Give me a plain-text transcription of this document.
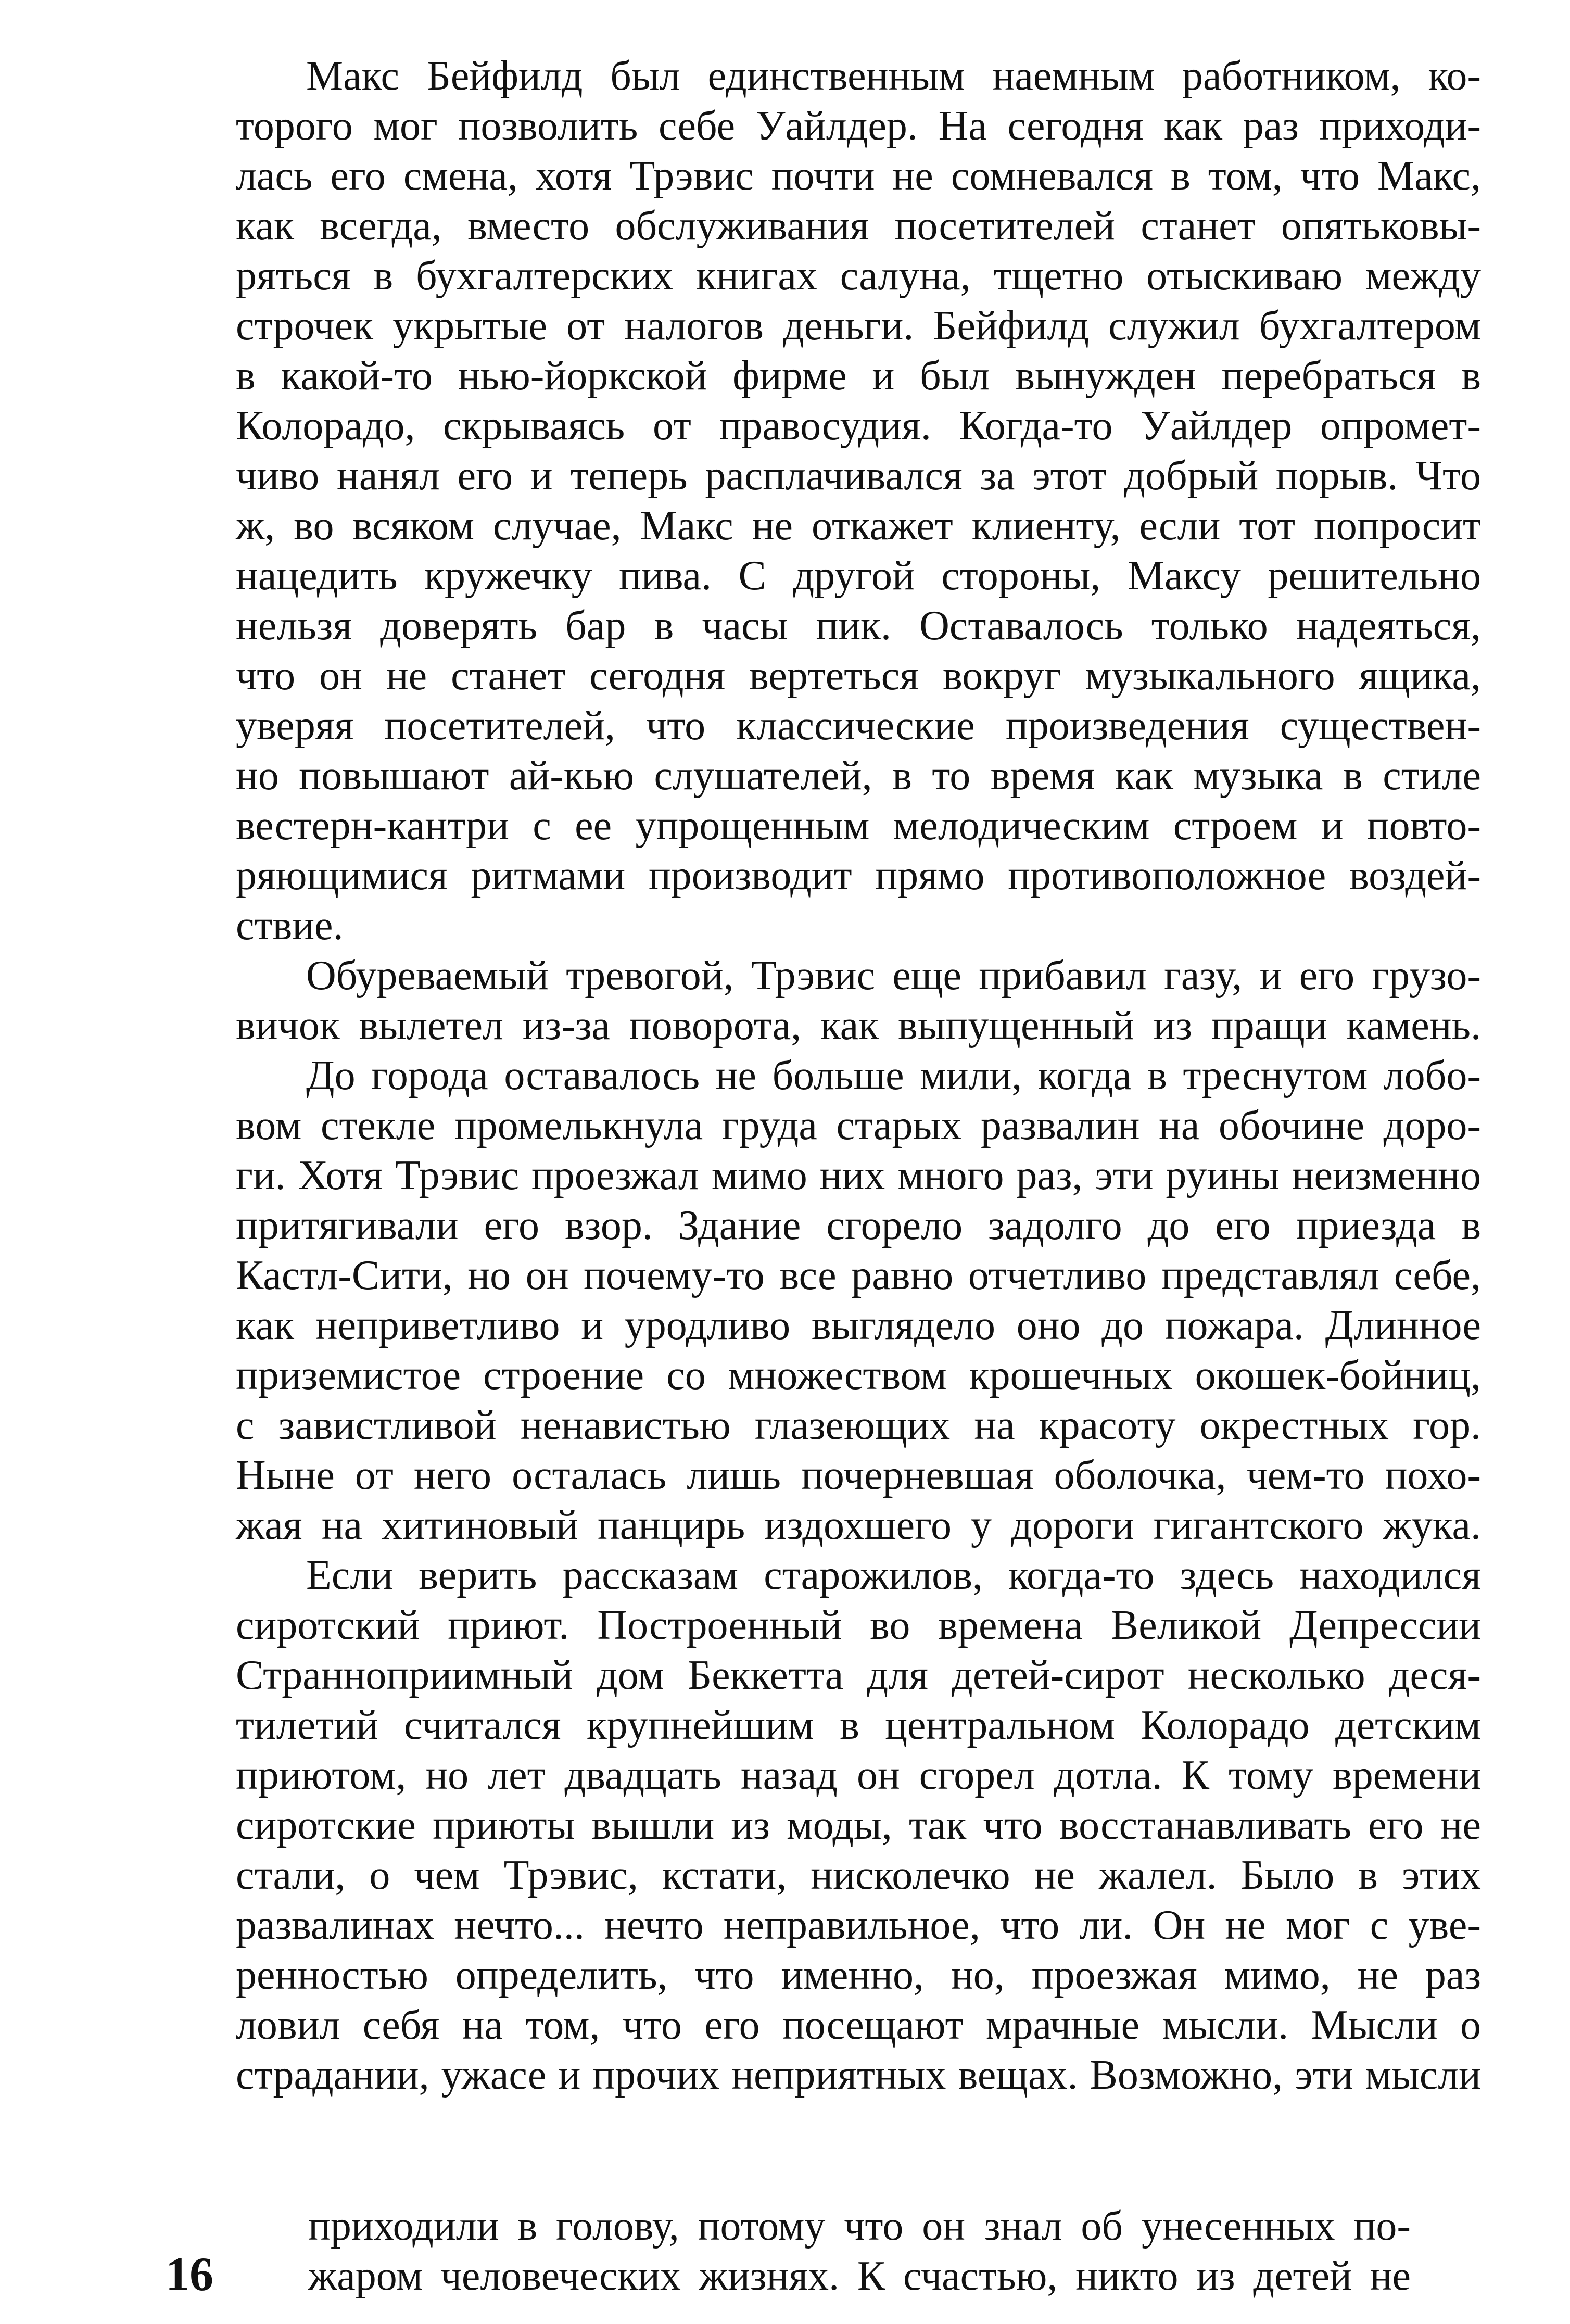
Макс Бейфилд был единственным наемным работником, ко-
торого мог позволить себе Уайлдер. На сегодня как раз приходи-
лась его смена, хотя Трэвис почти не сомневался в том, что Макс,
как всегда, вместо обслуживания посетителей станет опятьковы-
ряться в бухгалтерских книгах салуна, тщетно отыскиваю между
строчек укрытые от налогов деньги. Бейфилд служил бухгалтером
в какой-то нью-йоркской фирме и был вынужден перебраться в
Колорадо, скрываясь от правосудия. Когда-то Уайлдер опромет-
чиво нанял его и теперь расплачивался за этот добрый порыв. Что
ж, во всяком случае, Макс не откажет клиенту, если тот попросит
нацедить кружечку пива. С другой стороны, Максу решительно
нельзя доверять бар в часы пик. Оставалось только надеяться,
что он не станет сегодня вертеться вокруг музыкального ящика,
уверяя посетителей, что классические произведения существен-
но повышают ай-кью слушателей, в то время как музыка в стиле
вестерн-кантри с ее упрощенным мелодическим строем и повто-
ряющимися ритмами производит прямо противоположное воздей-
ствие.
Обуреваемый тревогой, Трэвис еще прибавил газу, и его грузо-
вичок вылетел из-за поворота, как выпущенный из пращи камень.
До города оставалось не больше мили, когда в треснутом лобо-
вом стекле промелькнула груда старых развалин на обочине доро-
ги. Хотя Трэвис проезжал мимо них много раз, эти руины неизменно
притягивали его взор. Здание сгорело задолго до его приезда в
Кастл-Сити, но он почему-то все равно отчетливо представлял себе,
как неприветливо и уродливо выглядело оно до пожара. Длинное
приземистое строение со множеством крошечных окошек-бойниц,
с завистливой ненавистью глазеющих на красоту окрестных гор.
Ныне от него осталась лишь почерневшая оболочка, чем-то похо-
жая на хитиновый панцирь издохшего у дороги гигантского жука.
Если верить рассказам старожилов, когда-то здесь находился
сиротский приют. Построенный во времена Великой Депрессии
Странноприимный дом Беккетта для детей-сирот несколько деся-
тилетий считался крупнейшим в центральном Колорадо детским
приютом, но лет двадцать назад он сгорел дотла. К тому времени
сиротские приюты вышли из моды, так что восстанавливать его не
стали, о чем Трэвис, кстати, нисколечко не жалел. Было в этих
развалинах нечто... нечто неправильное, что ли. Он не мог с уве-
ренностью определить, что именно, но, проезжая мимо, не раз
ловил себя на том, что его посещают мрачные мысли. Мысли о
страдании, ужасе и прочих неприятных вещах. Возможно, эти мысли
приходили в голову, потому что он знал об унесенных по-
жаром человеческих жизнях. К счастью, никто из детей не
16
